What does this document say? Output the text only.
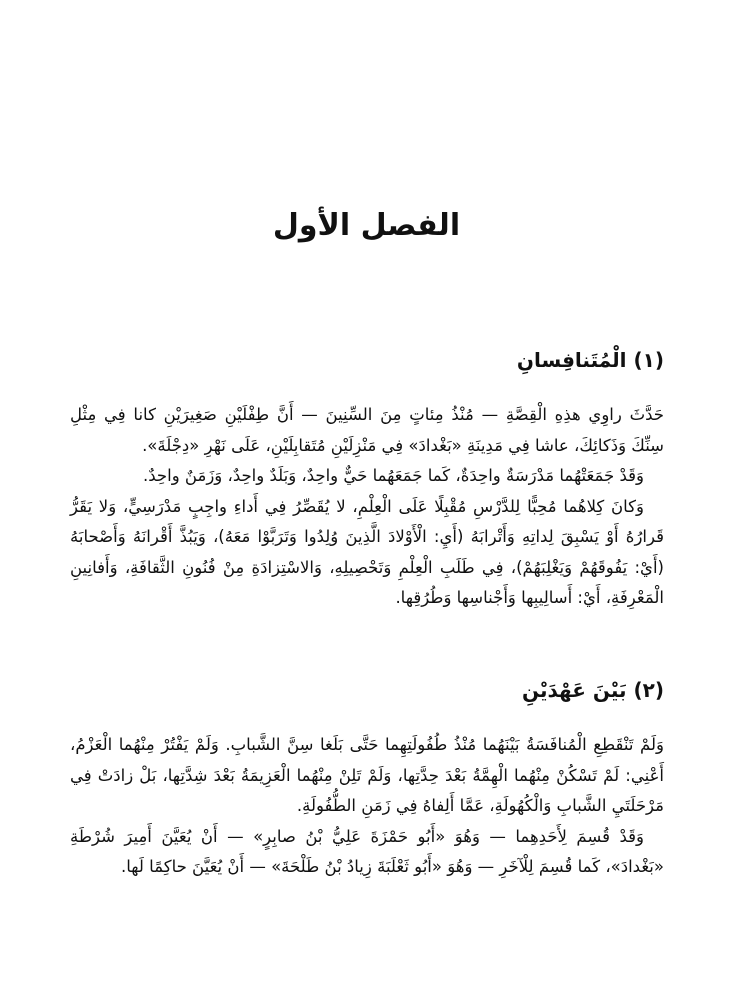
الفصل الأول
(١) الْمُتَنافِسانِ

حَدَّثَ راوِي هذِهِ الْقِصَّةِ — مُنْذُ مِئاتٍ مِنَ السِّنِينَ — أَنَّ طِفْلَيْنِ صَغِيرَيْنِ كانا فِي مِثْلِ سِنِّكَ وَذَكائِكَ، عاشا فِي مَدِينَةِ «بَغْدادَ» فِي مَنْزِلَيْنِ مُتَقابِلَيْنِ، عَلَى نَهْرِ «دِجْلَةَ».

وَقَدْ جَمَعَتْهُما مَدْرَسَةٌ واحِدَةٌ، كَما جَمَعَهُما حَيٌّ واحِدٌ، وَبَلَدٌ واحِدٌ، وَزَمَنٌ واحِدٌ.

وَكانَ كِلاهُما مُحِبًّا لِلدَّرْسِ مُقْبِلًا عَلَى الْعِلْمِ، لا يُقَصِّرُ فِي أَداءِ واجِبٍ مَدْرَسِيٍّ، وَلا يَقَرُّ قَرارُهُ أَوْ يَسْبِقَ لِداتِهِ وَأَتْرابَهُ (أَيِ: الْأَوْلادَ الَّذِينَ وُلِدُوا وَتَرَبَّوْا مَعَهُ)، وَيَبُذَّ أَقْرانَهُ وَأَصْحابَهُ (أَيْ: يَفُوقَهُمْ وَيَغْلِبَهُمْ)، فِي طَلَبِ الْعِلْمِ وَتَحْصِيلِهِ، وَالاسْتِزادَةِ مِنْ فُنُونِ الثَّقافَةِ، وَأَفانِينِ الْمَعْرِفَةِ، أَيْ: أَسالِيبِها وَأَجْناسِها وَطُرُقِها.

(٢) بَيْنَ عَهْدَيْنِ

وَلَمْ تَنْقَطِعِ الْمُنافَسَةُ بَيْنَهُما مُنْذُ طُفُولَتِهِما حَتَّى بَلَغا سِنَّ الشَّبابِ. وَلَمْ يَفْتُرْ مِنْهُما الْعَزْمُ، أَعْنِي: لَمْ تَسْكُنْ مِنْهُما الْهِمَّةُ بَعْدَ حِدَّتِها، وَلَمْ تَلِنْ مِنْهُما الْعَزِيمَةُ بَعْدَ شِدَّتِها، بَلْ زادَتْ فِي مَرْحَلَتَيِ الشَّبابِ وَالْكُهُولَةِ، عَمَّا أَلِفاهُ فِي زَمَنِ الطُّفُولَةِ.

وَقَدْ قُسِمَ لِأَحَدِهِما — وَهُوَ «أَبُو حَمْزَةَ عَلِيُّ بْنُ صابِرٍ» — أَنْ يُعَيَّنَ أَمِيرَ شُرْطَةِ «بَغْدادَ»، كَما قُسِمَ لِلْآخَرِ — وَهُوَ «أَبُو ثَعْلَبَةَ زِيادُ بْنُ طَلْحَةَ» — أَنْ يُعَيَّنَ حاكِمًا لَها.
